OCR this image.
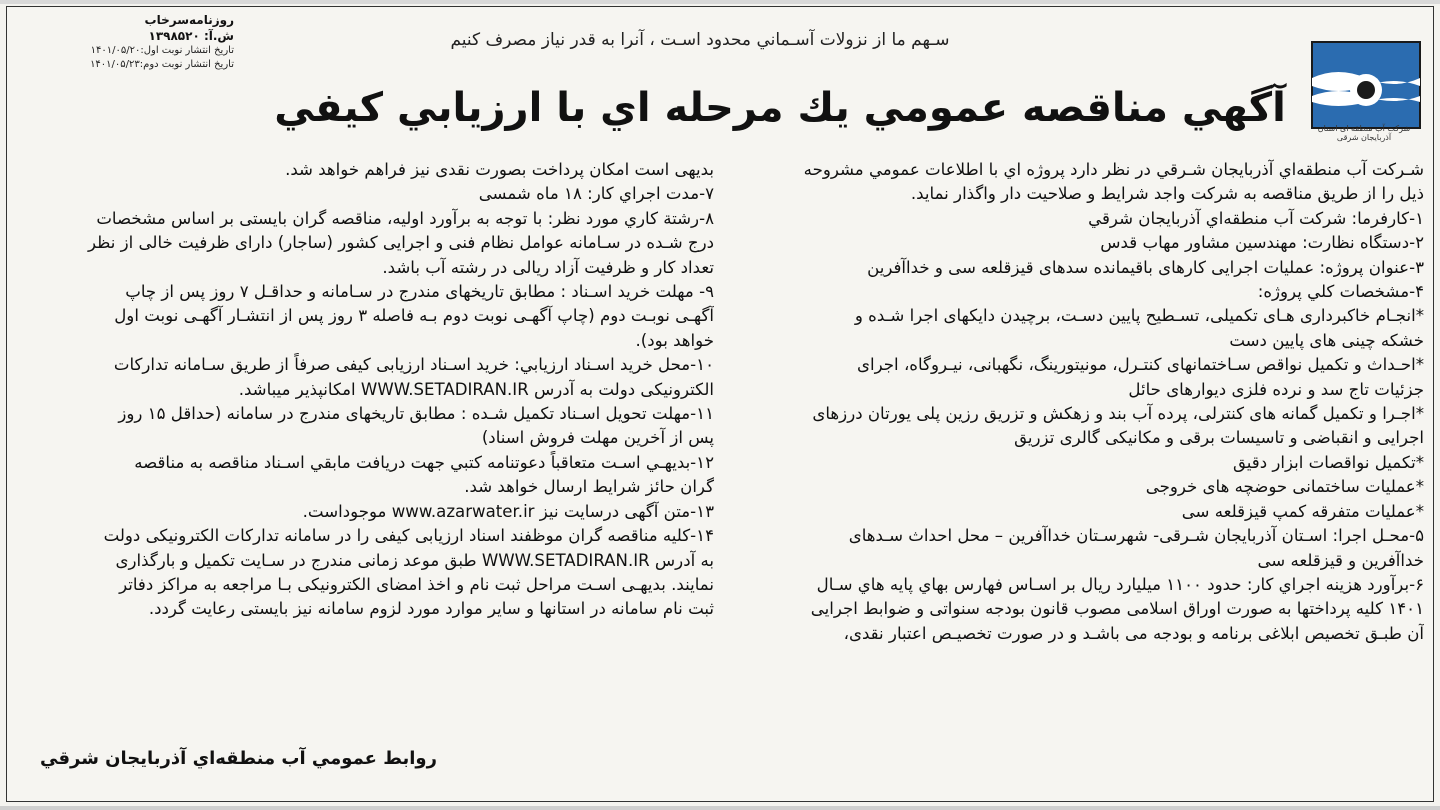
روزنامه‌سرخاب
ش.آ: ۱۳۹۸۵۲۰
تاریخ انتشار نوبت اول:۱۴۰۱/۰۵/۲۰
تاریخ انتشار نوبت دوم:۱۴۰۱/۰۵/۲۳
سـهم ما از نزولات آسـماني محدود اسـت ، آنرا به قدر نياز مصرف کنيم
آگهي مناقصه عمومي يك مرحله اي با ارزيابي كيفي	شرکت آب منطقه ای استان آذربایجان شرقی
شـرکت آب منطقه‌اي آذربايجان شـرقي در نظر دارد پروژه اي با اطلاعات عمومي مشروحه
ذيل را از طريق مناقصه به شركت واجد شرايط و صلاحيت دار واگذار نمايد.
۱-کارفرما: شرکت آب منطقه‌اي آذربايجان شرقي
۲-دستگاه نظارت: مهندسین مشاور مهاب قدس
۳-عنوان پروژه: عملیات اجرایی کارهای باقیمانده سدهای قیزقلعه سی و خداآفرین
۴-مشخصات كلي پروژه:
*انجـام خاکبرداری هـای تکمیلی، تسـطیح پایین دسـت، برچیدن دایکهای اجرا شـده و
خشکه چینی های پایین دست
*احـداث و تکمیل نواقص سـاختمانهای کنتـرل، مونیتورینگ، نگهبانی، نیـروگاه، اجرای
جزئیات تاج سد و نرده فلزی دیوارهای حائل
*اجـرا و تکمیل گمانه های کنترلی، پرده آب بند و زهکش و تزریق رزین پلی یورتان درزهای
اجرایی و انقباضی و تاسیسات برقی و مکانیکی گالری تزریق
*تکمیل نواقصات ابزار دقیق
*عملیات ساختمانی حوضچه های خروجی
*عملیات متفرقه کمپ قیزقلعه سی
۵-محـل اجرا: اسـتان آذربایجان شـرقی- شهرسـتان خداآفرین – محل احداث سـدهای
خداآفرین و قیزقلعه سی
۶-برآورد هزینه اجراي كار: حدود ۱۱۰۰ میلیارد ریال بر اسـاس فهارس بهاي پايه هاي سـال
۱۴۰۱ كليه پرداختها به صورت اوراق اسلامی مصوب قانون بودجه سنواتی و ضوابط اجرایی
آن طبـق تخصیص ابلاغی برنامه و بودجه می باشـد و در صورت تخصیـص اعتبار نقدی،
بديهی است امكان پرداخت بصورت نقدی نيز فراهم خواهد شد.
۷-مدت اجراي كار: ۱۸ ماه شمسی
۸-رشتة كاري مورد نظر: با توجه به برآورد اولیه، مناقصه گران بایستی بر اساس مشخصات
درج شـده در سـامانه عوامل نظام فنی و اجرایی کشور (ساجار) دارای ظرفیت خالی از نظر
تعداد کار و ظرفیت آزاد ریالی در رشته آب باشد.
۹- مهلت خريد اسـناد : مطابق تاریخهای مندرج در سـامانه و حداقـل ۷ روز پس از چاپ
آگهـی نوبـت دوم (چاپ آگهـی نوبت دوم بـه فاصله ۳ روز پس از انتشـار آگهـی نوبت اول
خواهد بود).
۱۰-محل خريد اسـناد ارزيابي: خرید اسـناد ارزیابی کیفی صرفاً از طریق سـامانه تدارکات
الکترونیکی دولت به آدرس WWW.SETADIRAN.IR امکانپذیر میباشد.
۱۱-مهلت تحویل اسـناد تکمیل شـده : مطابق تاریخهای مندرج در سامانه (حداقل ۱۵ روز
پس از آخرین مهلت فروش اسناد)
۱۲-بديهـي اسـت متعاقباً دعوتنامه كتبي جهت دريافت مابقي اسـناد مناقصه به مناقصه
گران حائز شرايط ارسال خواهد شد.
۱۳-متن آگهی درسایت نیز www.azarwater.ir موجوداست.
۱۴-کلیه مناقصه گران موظفند اسناد ارزیابی کیفی را در سامانه تدارکات الکترونیکی دولت
به آدرس WWW.SETADIRAN.IR طبق موعد زمانی مندرج در سـایت تکمیل و بارگذاری
نمایند. بدیهـی اسـت مراحل ثبت نام و اخذ امضای الکترونیکی بـا مراجعه به مراکز دفاتر
ثبت نام سامانه در استانها و سایر موارد مورد لزوم سامانه نیز بایستی رعایت گردد.
روابط عمومي آب منطقه‌اي آذربايجان شرقي
